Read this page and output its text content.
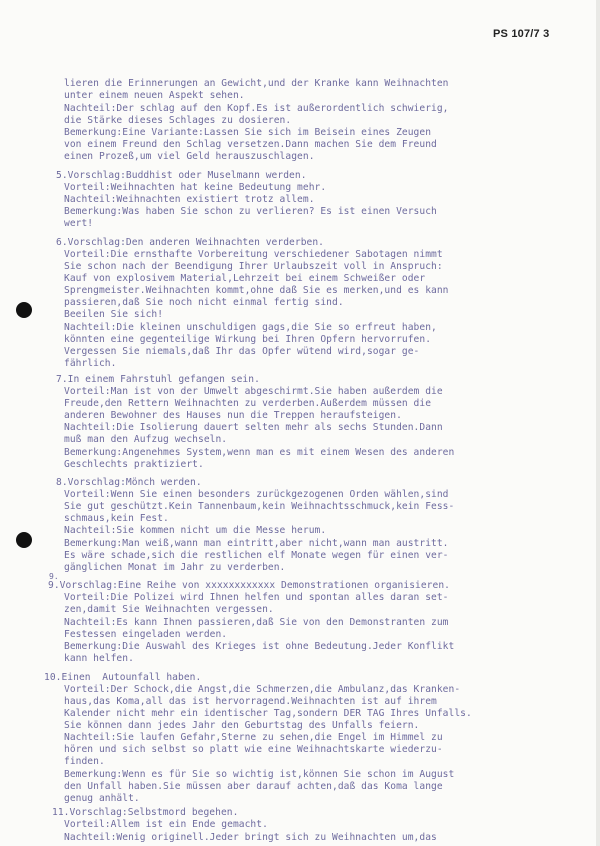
PS 107/7 3
lieren die Erinnerungen an Gewicht,und der Kranke kann Weihnachten
unter einem neuen Aspekt sehen.
Nachteil:Der schlag auf den Kopf.Es ist außerordentlich schwierig,
die Stärke dieses Schlages zu dosieren.
Bemerkung:Eine Variante:Lassen Sie sich im Beisein eines Zeugen
von einem Freund den Schlag versetzen.Dann machen Sie dem Freund
einen Prozeß,um viel Geld herauszuschlagen.
5.Vorschlag:Buddhist oder Muselmann werden.
Vorteil:Weihnachten hat keine Bedeutung mehr.
Nachteil:Weihnachten existiert trotz allem.
Bemerkung:Was haben Sie schon zu verlieren? Es ist einen Versuch
wert!
6.Vorschlag:Den anderen Weihnachten verderben.
Vorteil:Die ernsthafte Vorbereitung verschiedener Sabotagen nimmt
Sie schon nach der Beendigung Ihrer Urlaubszeit voll in Anspruch:
Kauf von explosivem Material,Lehrzeit bei einem Schweißer oder
Sprengmeister.Weihnachten kommt,ohne daß Sie es merken,und es kann
passieren,daß Sie noch nicht einmal fertig sind.
Beeilen Sie sich!
Nachteil:Die kleinen unschuldigen gags,die Sie so erfreut haben,
könnten eine gegenteilige Wirkung bei Ihren Opfern hervorrufen.
Vergessen Sie niemals,daß Ihr das Opfer wütend wird,sogar ge-
fährlich.
7.In einem Fahrstuhl gefangen sein.
Vorteil:Man ist von der Umwelt abgeschirmt.Sie haben außerdem die
Freude,den Rettern Weihnachten zu verderben.Außerdem müssen die
anderen Bewohner des Hauses nun die Treppen heraufsteigen.
Nachteil:Die Isolierung dauert selten mehr als sechs Stunden.Dann
muß man den Aufzug wechseln.
Bemerkung:Angenehmes System,wenn man es mit einem Wesen des anderen
Geschlechts praktiziert.
8.Vorschlag:Mönch werden.
Vorteil:Wenn Sie einen besonders zurückgezogenen Orden wählen,sind
Sie gut geschützt.Kein Tannenbaum,kein Weihnachtsschmuck,kein Fess-
schmaus,kein Fest.
Nachteil:Sie kommen nicht um die Messe herum.
Bemerkung:Man weiß,wann man eintritt,aber nicht,wann man austritt.
Es wäre schade,sich die restlichen elf Monate wegen für einen ver-
gänglichen Monat im Jahr zu verderben.
9.
9.Vorschlag:Eine Reihe von xxxxxxxxxxxx Demonstrationen organisieren.
Vorteil:Die Polizei wird Ihnen helfen und spontan alles daran set-
zen,damit Sie Weihnachten vergessen.
Nachteil:Es kann Ihnen passieren,daß Sie von den Demonstranten zum
Festessen eingeladen werden.
Bemerkung:Die Auswahl des Krieges ist ohne Bedeutung.Jeder Konflikt
kann helfen.
10.Einen  Autounfall haben.
Vorteil:Der Schock,die Angst,die Schmerzen,die Ambulanz,das Kranken-
haus,das Koma,all das ist hervorragend.Weihnachten ist auf ihrem
Kalender nicht mehr ein identischer Tag,sondern DER TAG Ihres Unfalls.
Sie können dann jedes Jahr den Geburtstag des Unfalls feiern.
Nachteil:Sie laufen Gefahr,Sterne zu sehen,die Engel im Himmel zu
hören und sich selbst so platt wie eine Weihnachtskarte wiederzu-
finden.
Bemerkung:Wenn es für Sie so wichtig ist,können Sie schon im August
den Unfall haben.Sie müssen aber darauf achten,daß das Koma lange
genug anhält.
11.Vorschlag:Selbstmord begehen.
Vorteil:Allem ist ein Ende gemacht.
Nachteil:Wenig originell.Jeder bringt sich zu Weihnachten um,das
